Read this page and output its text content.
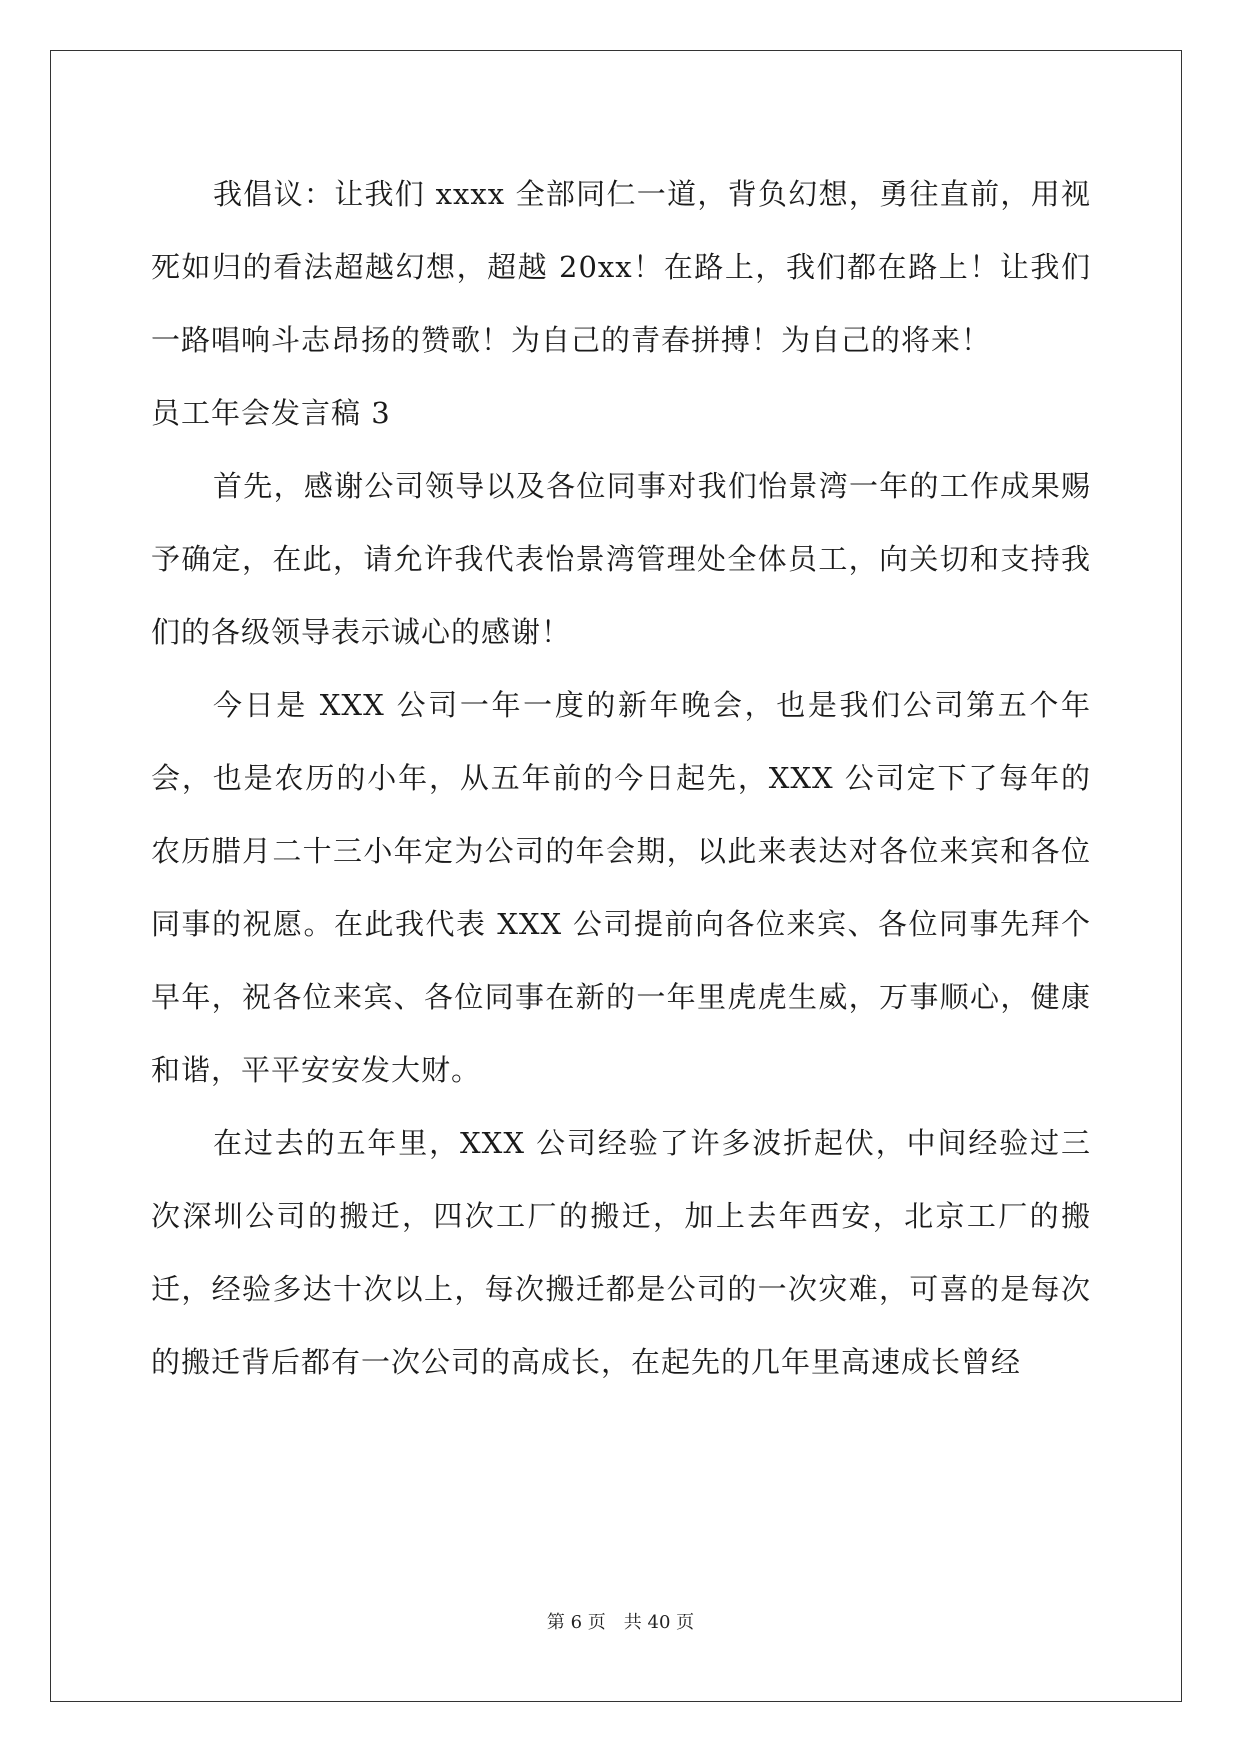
我倡议：让我们 xxxx 全部同仁一道，背负幻想，勇往直前，用视死如归的看法超越幻想，超越 20xx！在路上，我们都在路上！让我们一路唱响斗志昂扬的赞歌！为自己的青春拼搏！为自己的将来！

员工年会发言稿 3

首先，感谢公司领导以及各位同事对我们怡景湾一年的工作成果赐予确定，在此，请允许我代表怡景湾管理处全体员工，向关切和支持我们的各级领导表示诚心的感谢！

今日是 XXX 公司一年一度的新年晚会，也是我们公司第五个年会，也是农历的小年，从五年前的今日起先，XXX 公司定下了每年的农历腊月二十三小年定为公司的年会期，以此来表达对各位来宾和各位同事的祝愿。在此我代表 XXX 公司提前向各位来宾、各位同事先拜个早年，祝各位来宾、各位同事在新的一年里虎虎生威，万事顺心，健康和谐，平平安安发大财。

在过去的五年里，XXX 公司经验了许多波折起伏，中间经验过三次深圳公司的搬迁，四次工厂的搬迁，加上去年西安，北京工厂的搬迁，经验多达十次以上，每次搬迁都是公司的一次灾难，可喜的是每次的搬迁背后都有一次公司的高成长，在起先的几年里高速成长曾经

第 6 页 共 40 页
